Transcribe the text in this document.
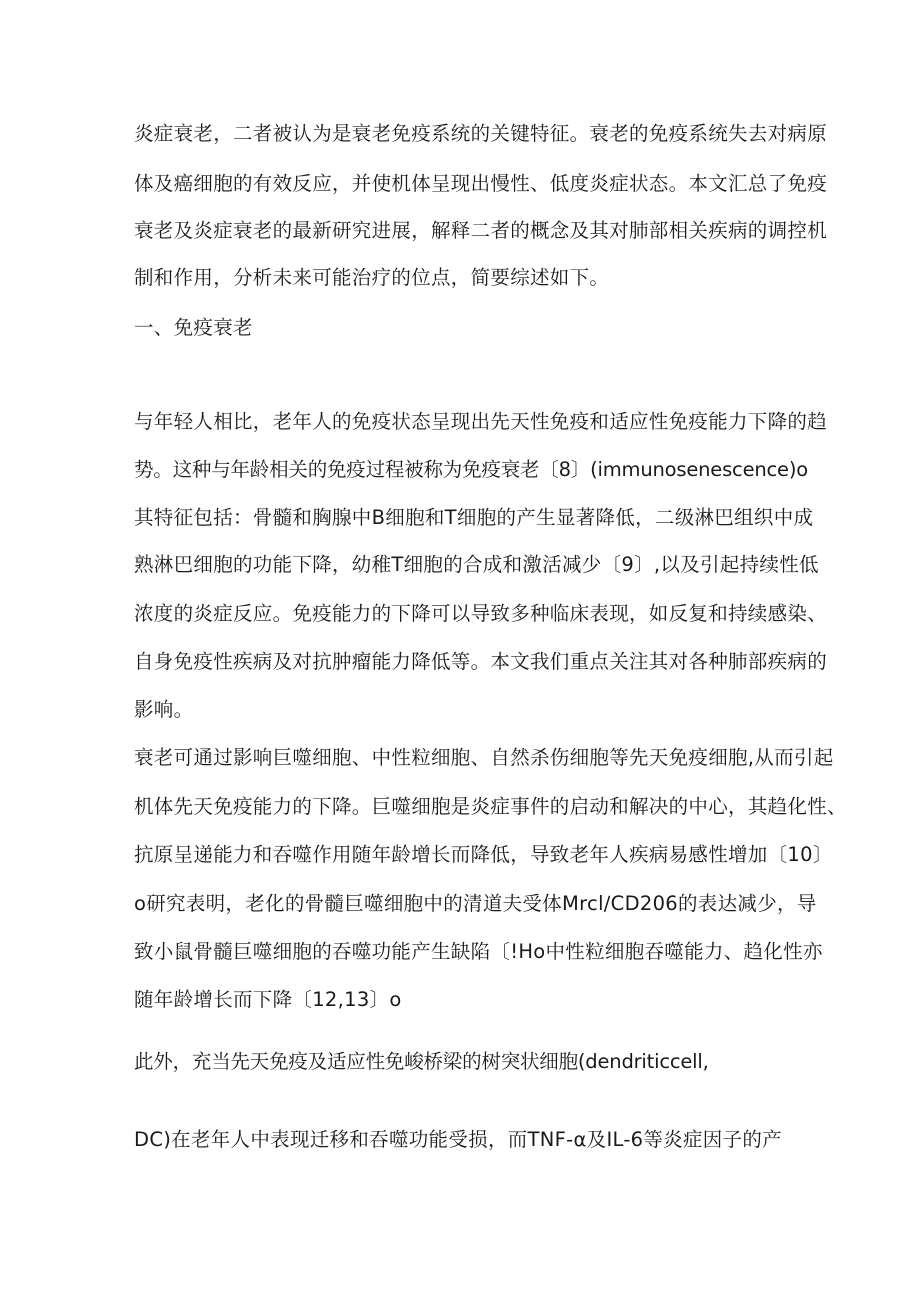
炎症衰老，二者被认为是衰老免疫系统的关键特征。衰老的免疫系统失去对病原
体及癌细胞的有效反应，并使机体呈现出慢性、低度炎症状态。本文汇总了免疫
衰老及炎症衰老的最新研究进展，解释二者的概念及其对肺部相关疾病的调控机
制和作用，分析未来可能治疗的位点，简要综述如下。
一、免疫衰老
与年轻人相比，老年人的免疫状态呈现出先天性免疫和适应性免疫能力下降的趋
势。这种与年龄相关的免疫过程被称为免疫衰老〔8〕(immunosenescence)o
其特征包括：骨髓和胸腺中B细胞和T细胞的产生显著降低，二级淋巴组织中成
熟淋巴细胞的功能下降，幼稚T细胞的合成和激活减少〔9〕,以及引起持续性低
浓度的炎症反应。免疫能力的下降可以导致多种临床表现，如反复和持续感染、
自身免疫性疾病及对抗肿瘤能力降低等。本文我们重点关注其对各种肺部疾病的
影响。
衰老可通过影响巨噬细胞、中性粒细胞、自然杀伤细胞等先天免疫细胞,从而引起
机体先天免疫能力的下降。巨噬细胞是炎症事件的启动和解决的中心，其趋化性、
抗原呈递能力和吞噬作用随年龄增长而降低，导致老年人疾病易感性增加〔10〕
o研究表明，老化的骨髓巨噬细胞中的清道夫受体Mrcl∕CD206的表达减少，导
致小鼠骨髓巨噬细胞的吞噬功能产生缺陷〔!Ho中性粒细胞吞噬能力、趋化性亦
随年龄增长而下降〔12,13〕o
此外，充当先天免疫及适应性免峻桥梁的树突状细胞(dendriticcell,
DC)在老年人中表现迁移和吞噬功能受损，而TNF-α及IL-6等炎症因子的产
